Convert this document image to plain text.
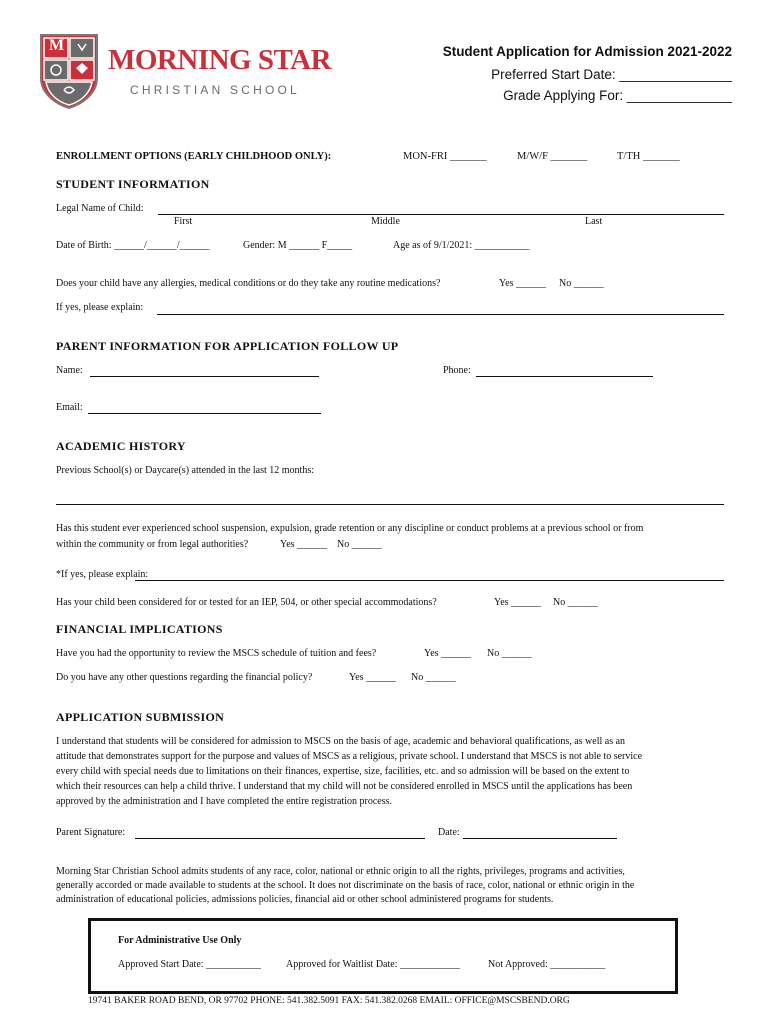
M MORNING STAR
CHRISTIAN SCHOOL
Student Application for Admission 2021-2022
Preferred Start Date: _______________
Grade Applying For: ______________
ENROLLMENT OPTIONS (EARLY CHILDHOOD ONLY):	MON-FRI _______	M/W/F _______	T/TH _______
STUDENT INFORMATION
Legal Name of Child:
First	Middle	Last
Date of Birth: ______/______/______	Gender: M ______ F_____	Age as of 9/1/2021: ___________
Does your child have any allergies, medical conditions or do they take any routine medications?	Yes ______ No ______
If yes, please explain:
PARENT INFORMATION FOR APPLICATION FOLLOW UP
Name:	Phone:
Email:
ACADEMIC HISTORY
Previous School(s) or Daycare(s) attended in the last 12 months:
Has this student ever experienced school suspension, expulsion, grade retention or any discipline or conduct problems at a previous school or from
within the community or from legal authorities?	Yes ______ No ______
*If yes, please explain:
Has your child been considered for or tested for an IEP, 504, or other special accommodations?	Yes ______ No ______
FINANCIAL IMPLICATIONS
Have you had the opportunity to review the MSCS schedule of tuition and fees?	Yes ______ No ______
Do you have any other questions regarding the financial policy?	Yes ______ No ______
APPLICATION SUBMISSION
I understand that students will be considered for admission to MSCS on the basis of age, academic and behavioral qualifications, as well as an
attitude that demonstrates support for the purpose and values of MSCS as a religious, private school. I understand that MSCS is not able to service
every child with special needs due to limitations on their finances, expertise, size, facilities, etc. and so admission will be based on the extent to
which their resources can help a child thrive. I understand that my child will not be considered enrolled in MSCS until the applications has been
approved by the administration and I have completed the entire registration process.
Parent Signature:	Date:
Morning Star Christian School admits students of any race, color, national or ethnic origin to all the rights, privileges, programs and activities,
generally accorded or made available to students at the school. It does not discriminate on the basis of race, color, national or ethnic origin in the
administration of educational policies, admissions policies, financial aid or other school administered programs for students.
For Administrative Use Only
Approved Start Date: ___________ Approved for Waitlist Date: ____________	Not Approved: ___________
19741 BAKER ROAD BEND, OR 97702 PHONE: 541.382.5091 FAX: 541.382.0268 EMAIL: OFFICE@MSCSBEND.ORG
